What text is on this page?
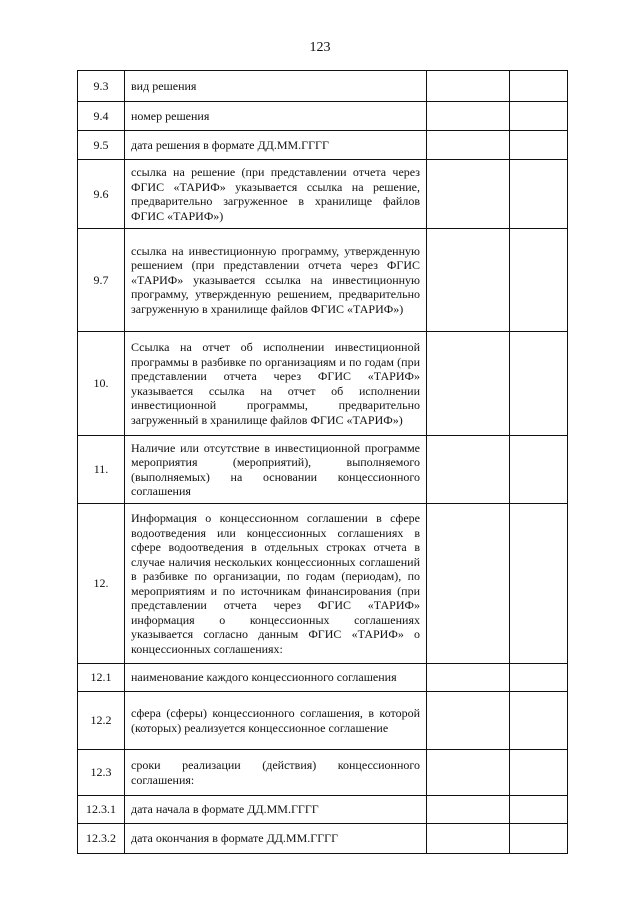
123
9.3	вид решения		
9.4	номер решения		
9.5	дата решения в формате ДД.ММ.ГГГГ		
9.6	ссылка на решение (при представлении отчета через ФГИС «ТАРИФ» указывается ссылка на решение, предварительно загруженное в хранилище файлов ФГИС «ТАРИФ»)		
9.7	ссылка на инвестиционную программу, утвержденную решением (при представлении отчета через ФГИС «ТАРИФ» указывается ссылка на инвестиционную программу, утвержденную решением, предварительно загруженную в хранилище файлов ФГИС «ТАРИФ»)		
10.	Ссылка на отчет об исполнении инвестиционной программы в разбивке по организациям и по годам (при представлении отчета через ФГИС «ТАРИФ» указывается ссылка на отчет об исполнении инвестиционной программы, предварительно загруженный в хранилище файлов ФГИС «ТАРИФ»)		
11.	Наличие или отсутствие в инвестиционной программе мероприятия (мероприятий), выполняемого (выполняемых) на основании концессионного соглашения		
12.	Информация о концессионном соглашении в сфере водоотведения или концессионных соглашениях в сфере водоотведения в отдельных строках отчета в случае наличия нескольких концессионных соглашений в разбивке по организации, по годам (периодам), по мероприятиям и по источникам финансирования (при представлении отчета через ФГИС «ТАРИФ» информация о концессионных соглашениях указывается согласно данным ФГИС «ТАРИФ» о концессионных соглашениях:		
12.1	наименование каждого концессионного соглашения		
12.2	сфера (сферы) концессионного соглашения, в которой (которых) реализуется концессионное соглашение		
12.3	сроки реализации (действия) концессионного соглашения:		
12.3.1	дата начала в формате ДД.ММ.ГГГГ		
12.3.2	дата окончания в формате ДД.ММ.ГГГГ		
